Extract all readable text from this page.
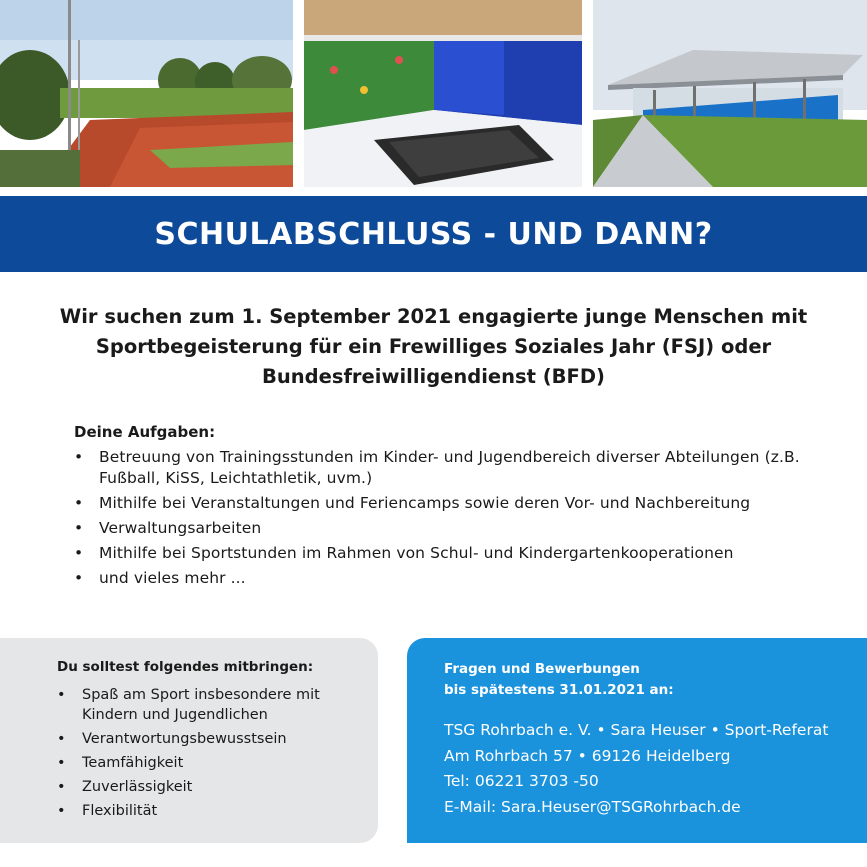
SCHULABSCHLUSS - UND DANN?
Wir suchen zum 1. September 2021 engagierte junge Menschen mit
Sportbegeisterung für ein Frewilliges Soziales Jahr (FSJ) oder
Bundesfreiwilligendienst (BFD)
Deine Aufgaben:
• Betreuung von Trainingsstunden im Kinder- und Jugendbereich diverser Abteilungen (z.B. Fußball, KiSS, Leichtathletik, uvm.)
• Mithilfe bei Veranstaltungen und Feriencamps sowie deren Vor- und Nachbereitung
• Verwaltungsarbeiten
• Mithilfe bei Sportstunden im Rahmen von Schul- und Kindergartenkooperationen
• und vieles mehr ...
Du solltest folgendes mitbringen:
• Spaß am Sport insbesondere mit Kindern und Jugendlichen
• Verantwortungsbewusstsein
• Teamfähigkeit
• Zuverlässigkeit
• Flexibilität
Fragen und Bewerbungen
bis spätestens 31.01.2021 an:
TSG Rohrbach e. V. • Sara Heuser • Sport-Referat
Am Rohrbach 57 • 69126 Heidelberg
Tel: 06221 3703 -50
E-Mail: Sara.Heuser@TSGRohrbach.de
